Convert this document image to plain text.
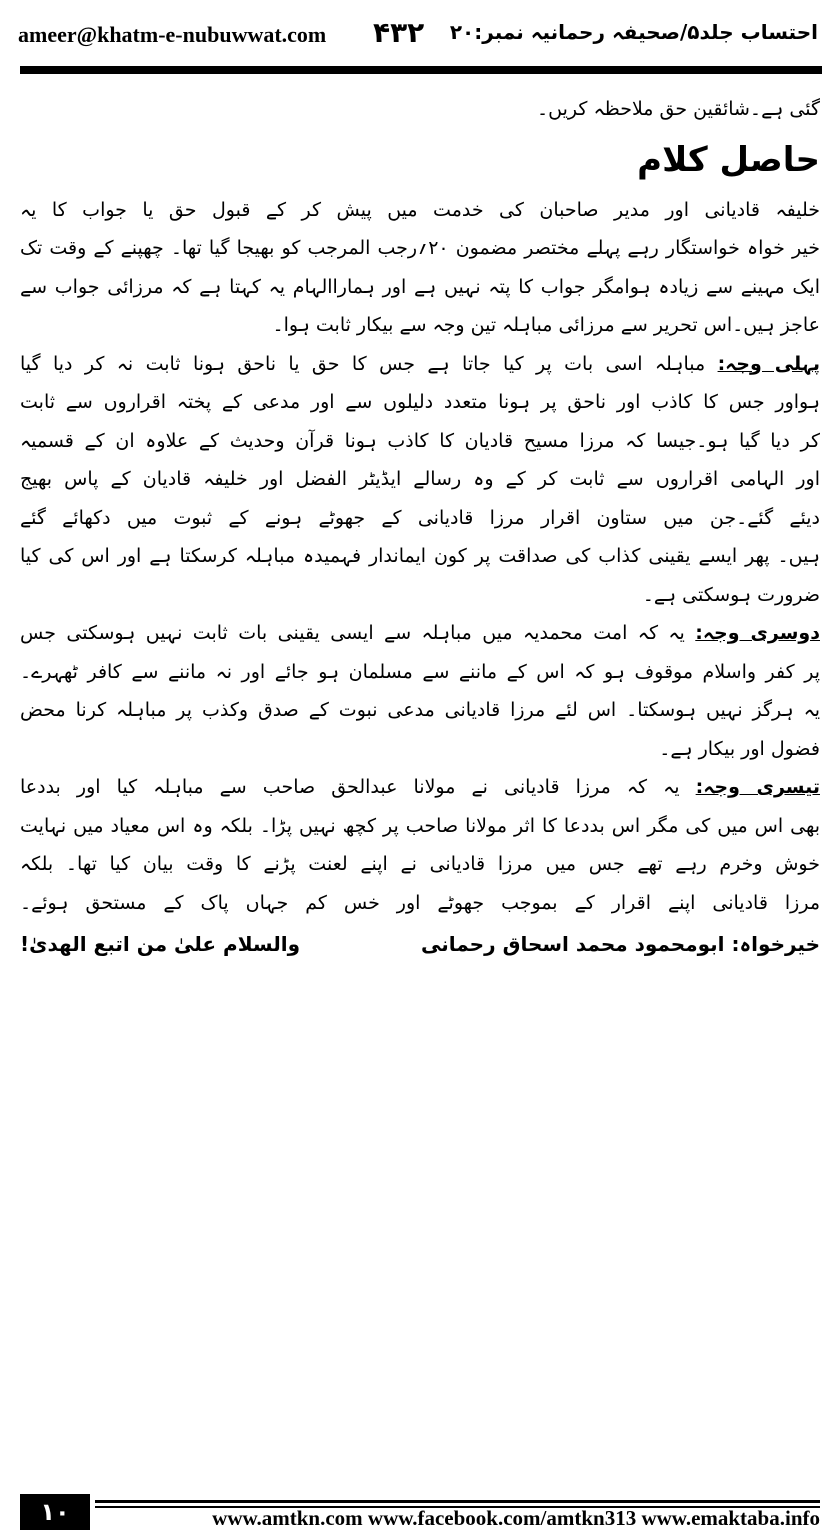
ameer@khatm-e-nubuwwat.com ۴۳۲ احتساب جلد۵/صحیفہ رحمانیہ نمبر:۲۰
گئی ہے۔شائقین حق ملاحظہ کریں۔
حاصل کلام
خلیفہ قادیانی اور مدیر صاحبان کی خدمت میں پیش کر کے قبول حق یا جواب کا یہ
خیر خواہ خواستگار رہے پہلے مختصر مضمون ۲۰؍رجب المرجب کو بھیجا گیا تھا۔ چھپنے کے وقت تک
ایک مہینے سے زیادہ ہوامگر جواب کا پتہ نہیں ہے اور ہماراالہام یہ کہتا ہے کہ مرزائی جواب سے
عاجز ہیں۔اس تحریر سے مرزائی مباہلہ تین وجہ سے بیکار ثابت ہوا۔
پہلی وجہ: مباہلہ اسی بات پر کیا جاتا ہے جس کا حق یا ناحق ہونا ثابت نہ کر دیا گیا
ہواور جس کا کاذب اور ناحق پر ہونا متعدد دلیلوں سے اور مدعی کے پختہ اقراروں سے ثابت
کر دیا گیا ہو۔جیسا کہ مرزا مسیح قادیان کا کاذب ہونا قرآن وحدیث کے علاوہ ان کے قسمیہ
اور الہامی اقراروں سے ثابت کر کے وہ رسالے ایڈیٹر الفضل اور خلیفہ قادیان کے پاس بھیج
دیئے گئے۔جن میں ستاون اقرار مرزا قادیانی کے جھوٹے ہونے کے ثبوت میں دکھائے گئے
ہیں۔ پھر ایسے یقینی کذاب کی صداقت پر کون ایماندار فہمیدہ مباہلہ کرسکتا ہے اور اس کی کیا
ضرورت ہوسکتی ہے۔
دوسری وجہ: یہ کہ امت محمدیہ میں مباہلہ سے ایسی یقینی بات ثابت نہیں ہوسکتی جس
پر کفر واسلام موقوف ہو کہ اس کے ماننے سے مسلمان ہو جائے اور نہ ماننے سے کافر ٹھہرے۔
یہ ہرگز نہیں ہوسکتا۔ اس لئے مرزا قادیانی مدعی نبوت کے صدق وکذب پر مباہلہ کرنا محض
فضول اور بیکار ہے۔
تیسری وجہ: یہ کہ مرزا قادیانی نے مولانا عبدالحق صاحب سے مباہلہ کیا اور بددعا
بھی اس میں کی مگر اس بددعا کا اثر مولانا صاحب پر کچھ نہیں پڑا۔ بلکہ وہ اس معیاد میں نہایت
خوش وخرم رہے تھے جس میں مرزا قادیانی نے اپنے لعنت پڑنے کا وقت بیان کیا تھا۔ بلکہ
مرزا قادیانی اپنے اقرار کے بموجب جھوٹے اور خس کم جہاں پاک کے مستحق ہوئے۔
خیرخواہ: ابومحمود محمد اسحاق رحمانی
والسلام علیٰ من اتبع الھدیٰ!
۱۰	www.amtkn.com www.facebook.com/amtkn313 www.emaktaba.info
